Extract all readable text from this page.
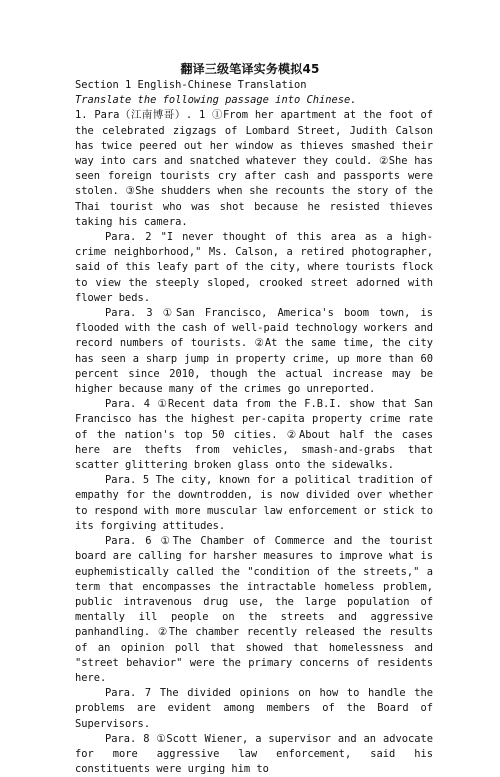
翻译三级笔译实务模拟45

Section 1 English-Chinese Translation

Translate the following passage into Chinese.

1. Para（江南博哥）. 1 ①From her apartment at the foot of the celebrated zigzags of Lombard Street, Judith Calson has twice peered out her window as thieves smashed their way into cars and snatched whatever they could. ②She has seen foreign tourists cry after cash and passports were stolen. ③She shudders when she recounts the story of the Thai tourist who was shot because he resisted thieves taking his camera.

Para. 2 "I never thought of this area as a high-crime neighborhood," Ms. Calson, a retired photographer, said of this leafy part of the city, where tourists flock to view the steeply sloped, crooked street adorned with flower beds.

Para. 3 ①San Francisco, America's boom town, is flooded with the cash of well-paid technology workers and record numbers of tourists. ②At the same time, the city has seen a sharp jump in property crime, up more than 60 percent since 2010, though the actual increase may be higher because many of the crimes go unreported.

Para. 4 ①Recent data from the F.B.I. show that San Francisco has the highest per-capita property crime rate of the nation's top 50 cities. ②About half the cases here are thefts from vehicles, smash-and-grabs that scatter glittering broken glass onto the sidewalks.

Para. 5 The city, known for a political tradition of empathy for the downtrodden, is now divided over whether to respond with more muscular law enforcement or stick to its forgiving attitudes.

Para. 6 ①The Chamber of Commerce and the tourist board are calling for harsher measures to improve what is euphemistically called the "condition of the streets," a term that encompasses the intractable homeless problem, public intravenous drug use, the large population of mentally ill people on the streets and aggressive panhandling. ②The chamber recently released the results of an opinion poll that showed that homelessness and "street behavior" were the primary concerns of residents here.

Para. 7 The divided opinions on how to handle the problems are evident among members of the Board of Supervisors.

Para. 8 ①Scott Wiener, a supervisor and an advocate for more aggressive law enforcement, said his constituents were urging him to
